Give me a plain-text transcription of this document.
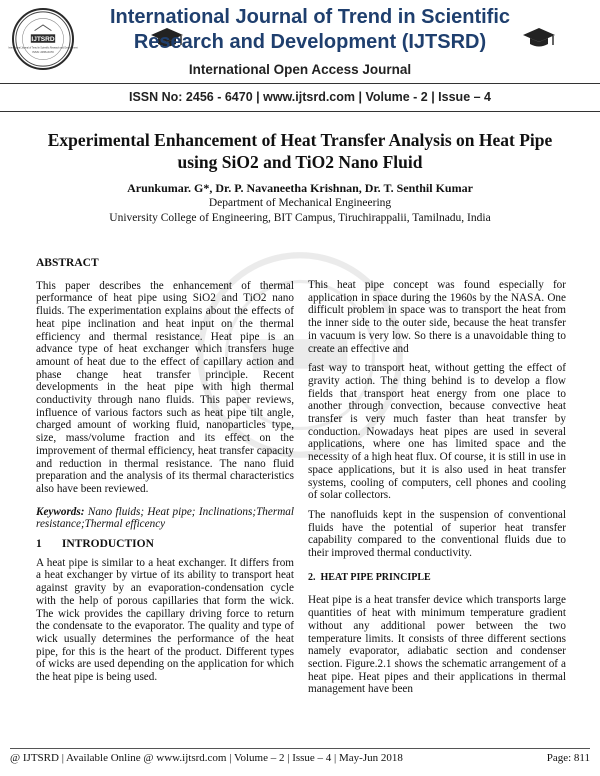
IJTSRD
International Journal of Trend in Scientific Research and Development
ISSN: 2456-6470
International Journal of Trend in Scientific
Research and Development (IJTSRD)
International Open Access Journal
ISSN No: 2456 - 6470 | www.ijtsrd.com | Volume - 2 | Issue – 4
Experimental Enhancement of Heat Transfer Analysis on Heat Pipe
using SiO2 and TiO2 Nano Fluid
Arunkumar. G*, Dr. P. Navaneetha Krishnan, Dr. T. Senthil Kumar
Department of Mechanical Engineering
University College of Engineering, BIT Campus, Tiruchirappalii, Tamilnadu, India
ABSTRACT

This paper describes the enhancement of thermal performance of heat pipe using SiO2 and TiO2 nano fluids. The experimentation explains about the effects of heat pipe inclination and heat input on the thermal efficiency and thermal resistance. Heat pipe is an advance type of heat exchanger which transfers huge amount of heat due to the effect of capillary action and phase change heat transfer principle. Recent developments in the heat pipe with high thermal conductivity through nano fluids. This paper reviews, influence of various factors such as heat pipe tilt angle, charged amount of working fluid, nanoparticles type, size, mass/volume fraction and its effect on the improvement of thermal efficiency, heat transfer capacity and reduction in thermal resistance. The nano fluid preparation and the analysis of its thermal characteristics also have been reviewed.

Keywords: Nano fluids; Heat pipe; Inclinations;Thermal resistance;Thermal efficency

1 INTRODUCTION

A heat pipe is similar to a heat exchanger. It differs from a heat exchanger by virtue of its ability to transport heat against gravity by an evaporation-condensation cycle with the help of porous capillaries that form the wick. The wick provides the capillary driving force to return the condensate to the evaporator. The quality and type of wick usually determines the performance of the heat pipe, for this is the heart of the product. Different types of wicks are used depending on the application for which the heat pipe is being used.

This heat pipe concept was found especially for application in space during the 1960s by the NASA. One difficult problem in space was to transport the heat from the inner side to the outer side, because the heat transfer in vacuum is very low. So there is a unavoidable thing to create an effective and

fast way to transport heat, without getting the effect of gravity action. The thing behind is to develop a flow fields that transport heat energy from one place to another through convection, because convective heat transfer is very much faster than heat transfer by conduction. Nowadays heat pipes are used in several applications, where one has limited space and the necessity of a high heat flux. Of course, it is still in use in space applications, but it is also used in heat transfer systems, cooling of computers, cell phones and cooling of solar collectors.

The nanofluids kept in the suspension of conventional fluids have the potential of superior heat transfer capability compared to the conventional fluids due to their improved thermal conductivity.

2. HEAT PIPE PRINCIPLE

Heat pipe is a heat transfer device which transports large quantities of heat with minimum temperature gradient without any additional power between the two temperature limits. It consists of three different sections namely evaporator, adiabatic section and condenser section. Figure.2.1 shows the schematic arrangement of a heat pipe. Heat pipes and their applications in thermal management have been

@ IJTSRD | Available Online @ www.ijtsrd.com | Volume – 2 | Issue – 4 | May-Jun 2018	Page: 811
